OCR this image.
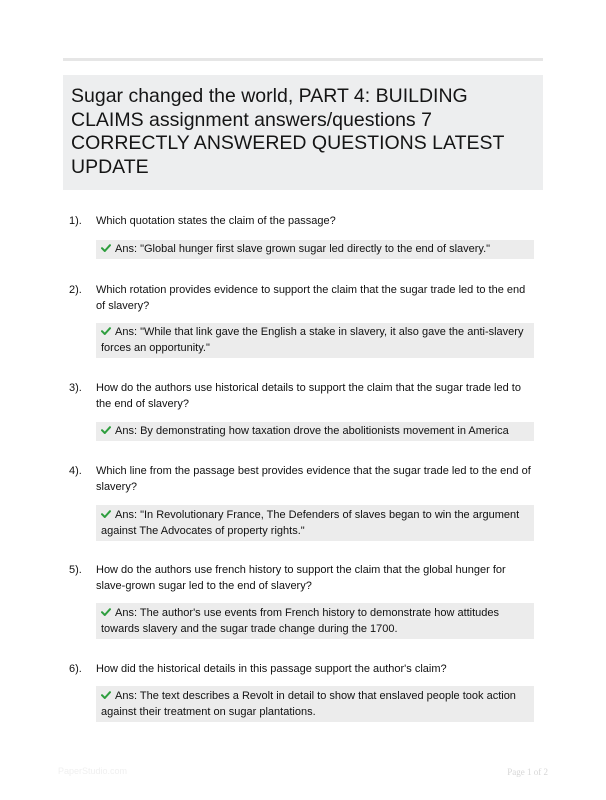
Sugar changed the world, PART 4: BUILDING CLAIMS assignment answers/questions 7 CORRECTLY ANSWERED QUESTIONS LATEST UPDATE
1). Which quotation states the claim of the passage?
Ans: "Global hunger first slave grown sugar led directly to the end of slavery."
2). Which rotation provides evidence to support the claim that the sugar trade led to the end of slavery?
Ans: "While that link gave the English a stake in slavery, it also gave the anti-slavery forces an opportunity."
3). How do the authors use historical details to support the claim that the sugar trade led to the end of slavery?
Ans: By demonstrating how taxation drove the abolitionists movement in America
4). Which line from the passage best provides evidence that the sugar trade led to the end of slavery?
Ans: "In Revolutionary France, The Defenders of slaves began to win the argument against The Advocates of property rights."
5). How do the authors use french history to support the claim that the global hunger for slave-grown sugar led to the end of slavery?
Ans: The author's use events from French history to demonstrate how attitudes towards slavery and the sugar trade change during the 1700.
6). How did the historical details in this passage support the author's claim?
Ans: The text describes a Revolt in detail to show that enslaved people took action against their treatment on sugar plantations.
PaperStudio.com	Page 1 of 2
